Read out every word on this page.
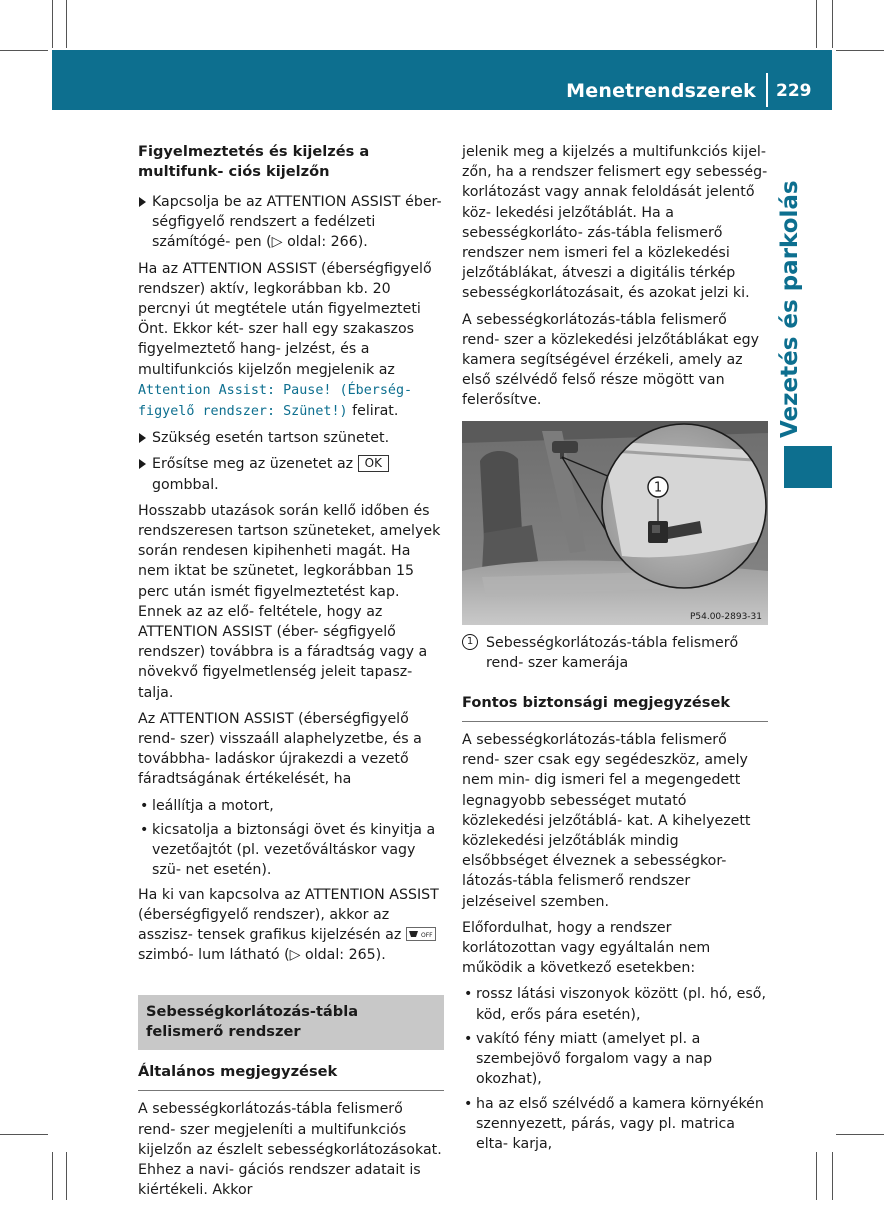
Menetrendszerek 229
Vezetés és parkolás
Figyelmeztetés és kijelzés a multifunk- ciós kijelzőn
Kapcsolja be az ATTENTION ASSIST éber- ségfigyelő rendszert a fedélzeti számítógé- pen (▷ oldal: 266).

Ha az ATTENTION ASSIST (éberségfigyelő rendszer) aktív, legkorábban kb. 20 percnyi út megtétele után figyelmezteti Önt. Ekkor két- szer hall egy szakaszos figyelmeztető hang- jelzést, és a multifunkciós kijelzőn megjelenik az Attention Assist: Pause! (Éberség- figyelő rendszer: Szünet!) felirat.

Szükség esetén tartson szünetet.
Erősítse meg az üzenetet az OK gombbal.

Hosszabb utazások során kellő időben és rendszeresen tartson szüneteket, amelyek során rendesen kipihenheti magát. Ha nem iktat be szünetet, legkorábban 15 perc után ismét figyelmeztetést kap. Ennek az az elő- feltétele, hogy az ATTENTION ASSIST (éber- ségfigyelő rendszer) továbbra is a fáradtság vagy a növekvő figyelmetlenség jeleit tapasz- talja.

Az ATTENTION ASSIST (éberségfigyelő rend- szer) visszaáll alaphelyzetbe, és a továbbha- ladáskor újrakezdi a vezető fáradtságának értékelését, ha

• leállítja a motort,
• kicsatolja a biztonsági övet és kinyitja a vezetőajtót (pl. vezetőváltáskor vagy szü- net esetén).

Ha ki van kapcsolva az ATTENTION ASSIST (éberségfigyelő rendszer), akkor az asszisz- tensek grafikus kijelzésén az	OFF
szimbó- lum látható (▷ oldal: 265).

Sebességkorlátozás-tábla felismerő rendszer
Általános megjegyzések

A sebességkorlátozás-tábla felismerő rend- szer megjeleníti a multifunkciós kijelzőn az észlelt sebességkorlátozásokat. Ehhez a navi- gációs rendszer adatait is kiértékeli. Akkor

jelenik meg a kijelzés a multifunkciós kijel- zőn, ha a rendszer felismert egy sebesség- korlátozást vagy annak feloldását jelentő köz- lekedési jelzőtáblát. Ha a sebességkorláto- zás-tábla felismerő rendszer nem ismeri fel a közlekedési jelzőtáblákat, átveszi a digitális térkép sebességkorlátozásait, és azokat jelzi ki.

A sebességkorlátozás-tábla felismerő rend- szer a közlekedési jelzőtáblákat egy kamera segítségével érzékeli, amely az első szélvédő felső része mögött van felerősítve.

1
P54.00-2893-31
1 Sebességkorlátozás-tábla felismerő rend- szer kamerája
Fontos biztonsági megjegyzések

A sebességkorlátozás-tábla felismerő rend- szer csak egy segédeszköz, amely nem min- dig ismeri fel a megengedett legnagyobb sebességet mutató közlekedési jelzőtáblá- kat. A kihelyezett közlekedési jelzőtáblák mindig elsőbbséget élveznek a sebességkor- látozás-tábla felismerő rendszer jelzéseivel szemben.

Előfordulhat, hogy a rendszer korlátozottan vagy egyáltalán nem működik a következő esetekben:

• rossz látási viszonyok között (pl. hó, eső, köd, erős pára esetén),
• vakító fény miatt (amelyet pl. a szembejövő forgalom vagy a nap okozhat),
• ha az első szélvédő a kamera környékén szennyezett, párás, vagy pl. matrica elta- karja,
